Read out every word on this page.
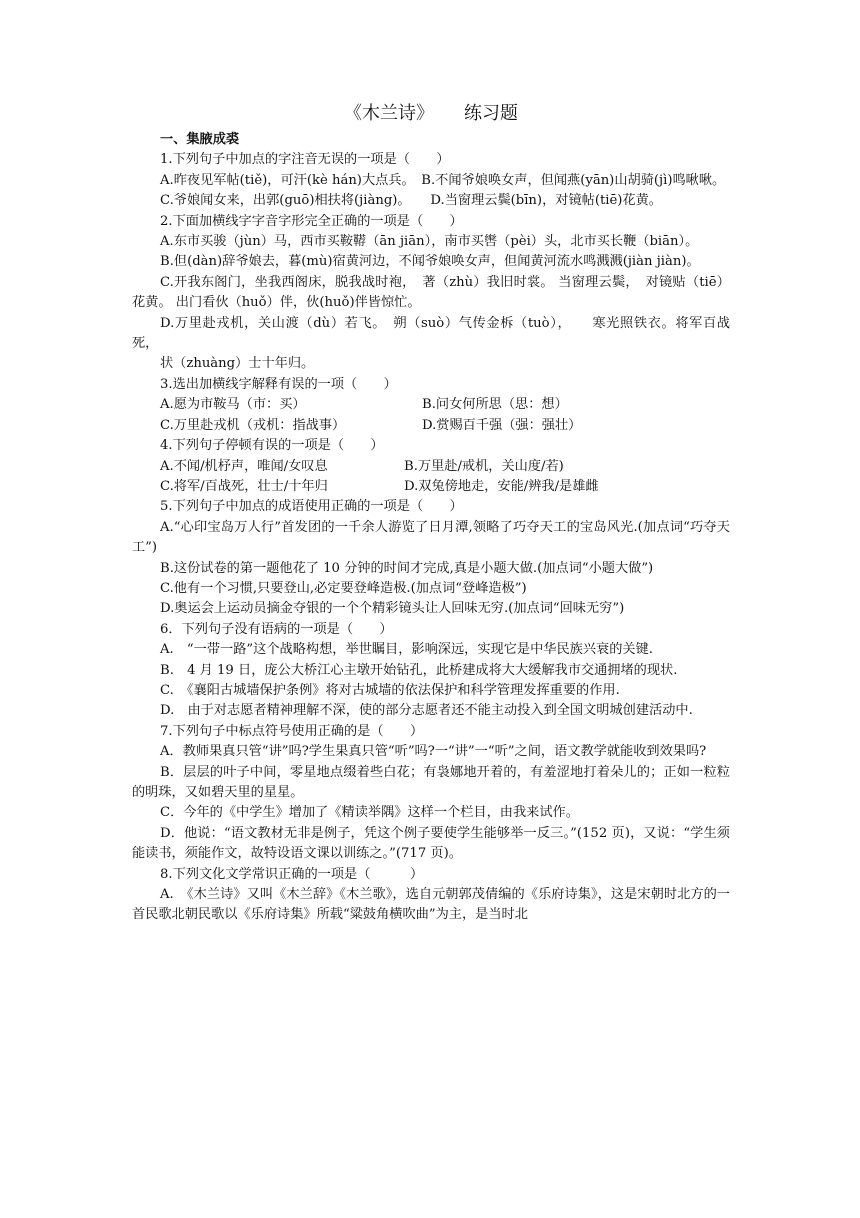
《木兰诗》 练习题
一、集腋成裘

1.下列句子中加点的字注音无误的一项是（　　）

A.昨夜见军帖(tiě)，可汗(kè hán)大点兵。　B.不闻爷娘唤女声，但闻燕(yān)山胡骑(jì)鸣啾啾。

C.爷娘闻女来，出郭(guō)相扶将(jiàng)。　　D.当窗理云鬓(bīn)，对镜帖(tiē)花黄。

2.下面加横线字字音字形完全正确的一项是（　　）

A.东市买骏（jùn）马，西市买鞍鞯（ān jiān），南市买辔（pèi）头，北市买长鞭（biān）。

B.但(dàn)辞爷娘去，暮(mù)宿黄河边，不闻爷娘唤女声，但闻黄河流水鸣溅溅(jiàn jiàn)。

C.开我东阁门，坐我西阁床，脱我战时袍，　著（zhù）我旧时裳。 当窗理云鬓，　对镜贴（tiē）花黄。 出门看伙（huǒ）伴，伙(huǒ)伴皆惊忙。

D.万里赴戎机，关山渡（dù）若飞。　朔（suò）气传金柝（tuò），　　寒光照铁衣。将军百战死，

状（zhuàng）士十年归。

3.选出加横线字解释有误的一项（　　）

A.愿为市鞍马（市：买）	B.问女何所思（思：想）
C.万里赴戎机（戎机：指战事）	D.赏赐百千强（强：强壮）

4.下列句子停顿有误的一项是（　　）

A.不闻/机杼声，唯闻/女叹息	B.万里赴/戒机，关山度/若)
C.将军/百战死，壮士/十年归	D.双兔傍地走，安能/辨我/是雄雌

5.下列句子中加点的成语使用正确的一项是（　　）

A.“心印宝岛万人行”首发团的一千余人游览了日月潭,领略了巧夺天工的宝岛风光.(加点词“巧夺天工”)

B.这份试卷的第一题他花了 10 分钟的时间才完成,真是小题大做.(加点词“小题大做”)

C.他有一个习惯,只要登山,必定要登峰造极.(加点词“登峰造极”)

D.奥运会上运动员摘金夺银的一个个精彩镜头让人回味无穷.(加点词“回味无穷”)

6．下列句子没有语病的一项是（　　）

A.　“一带一路”这个战略构想，举世瞩目，影响深远，实现它是中华民族兴衰的关键.

B.　4 月 19 日，庞公大桥江心主墩开始钻孔，此桥建成将大大缓解我市交通拥堵的现状.

C.　《襄阳古城墙保护条例》将对古城墙的依法保护和科学管理发挥重要的作用.

D.　由于对志愿者精神理解不深，使的部分志愿者还不能主动投入到全国文明城创建活动中.

7.下列句子中标点符号使用正确的是（　　）

A．教师果真只管“讲”吗?学生果真只管“听”吗?一“讲”一“听”之间，语文教学就能收到效果吗?

B．层层的叶子中间，零星地点缀着些白花；有袅娜地开着的，有羞涩地打着朵儿的；正如一粒粒的明珠，又如碧天里的星星。

C．今年的《中学生》增加了《精读举隅》这样一个栏目，由我来试作。

D．他说：“语文教材无非是例子，凭这个例子要使学生能够举一反三。”(152 页)，又说：“学生须能读书，须能作文，故特设语文课以训练之。”(717 页)。

8.下列文化文学常识正确的一项是（　　　）

A.　《木兰诗》又叫《木兰辞》《木兰歌》，选自元朝郭茂倩编的《乐府诗集》，这是宋朝时北方的一首民歌北朝民歌以《乐府诗集》所载“粱鼓角横吹曲”为主，是当时北
